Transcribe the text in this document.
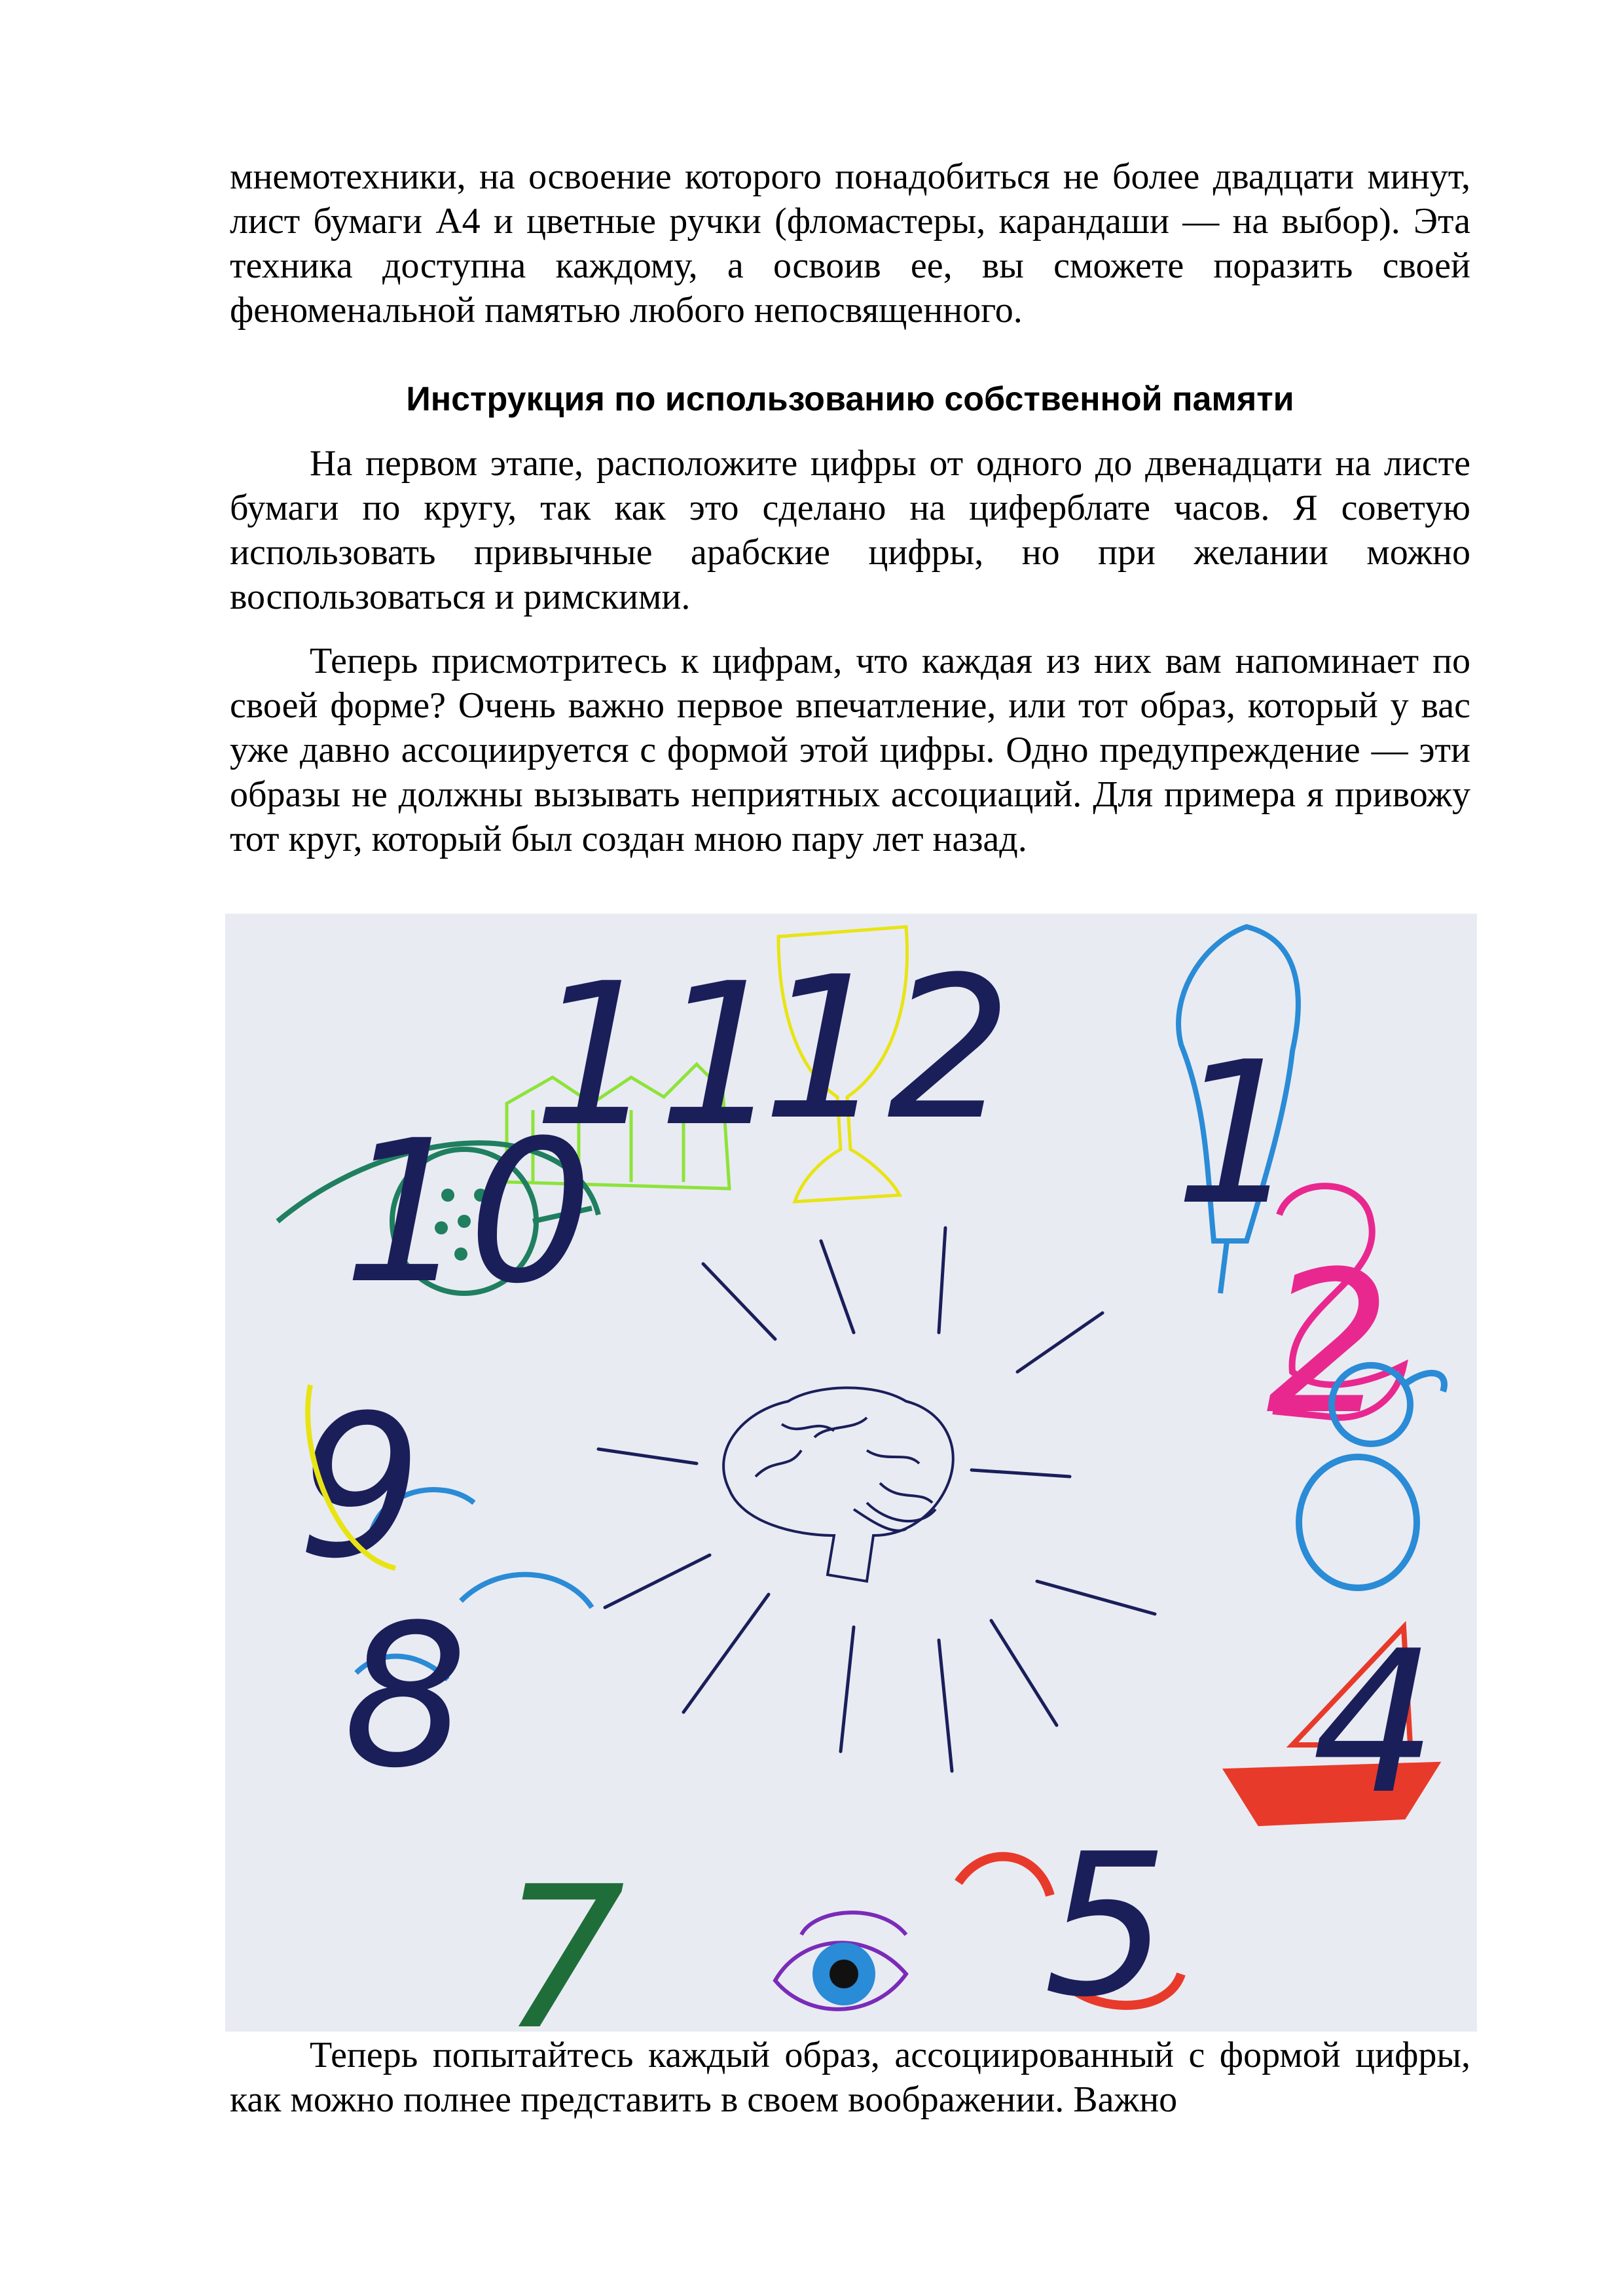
мнемотехники, на освоение которого понадобиться не более двадцати минут, лист бумаги А4 и цветные ручки (фломастеры, карандаши — на выбор). Эта техника доступна каждому, а освоив ее, вы сможете поразить своей феноменальной памятью любого непосвященного.

Инструкция по использованию собственной памяти

На первом этапе, расположите цифры от одного до двенадцати на листе бумаги по кругу, так как это сделано на циферблате часов. Я советую использовать привычные арабские цифры, но при желании можно воспользоваться и римскими.

Теперь присмотритесь к цифрам, что каждая из них вам напоминает по своей форме? Очень важно первое впечатление, или тот образ, который у вас уже давно ассоциируется с формой этой цифры. Одно предупреждение — эти образы не должны вызывать неприятных ассоциаций. Для примера я привожу тот круг, который был создан мною пару лет назад.

12
11
10	1
2
4
5
7
8
9

Теперь попытайтесь каждый образ, ассоциированный с формой цифры, как можно полнее представить в своем воображении. Важно
